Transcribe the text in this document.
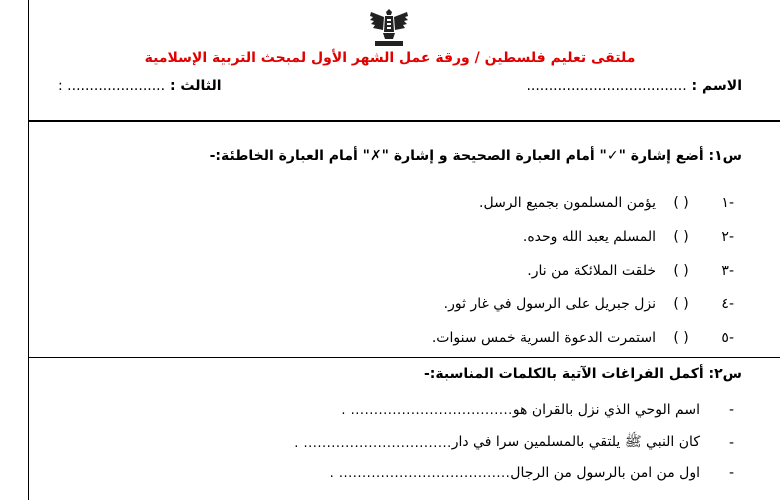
ملتقى تعليم فلسطين / ورقة عمل الشهر الأول لمبحث التربية الإسلامية
الاسم : ....................................
الثالث : ...................... :
س١: أضع إشارة "✓" أمام العبارة الصحيحة و إشارة "✗" أمام العبارة الخاطئة:-
-١
( )
يؤمن المسلمون بجميع الرسل.
-٢
( )
المسلم يعبد الله وحده.
-٣
( )
خلقت الملائكة من نار.
-٤
( )
نزل جبريل على الرسول في غار ثور.
-٥
( )
استمرت الدعوة السرية خمس سنوات.
س٢: أكمل الفراغات الآتية بالكلمات المناسبة:-
-
اسم الوحي الذي نزل بالقران هو
................................... .
-
كان النبي ﷺ يلتقي بالمسلمين سرا في دار
................................ .
-
اول من امن بالرسول من الرجال
..................................... .
